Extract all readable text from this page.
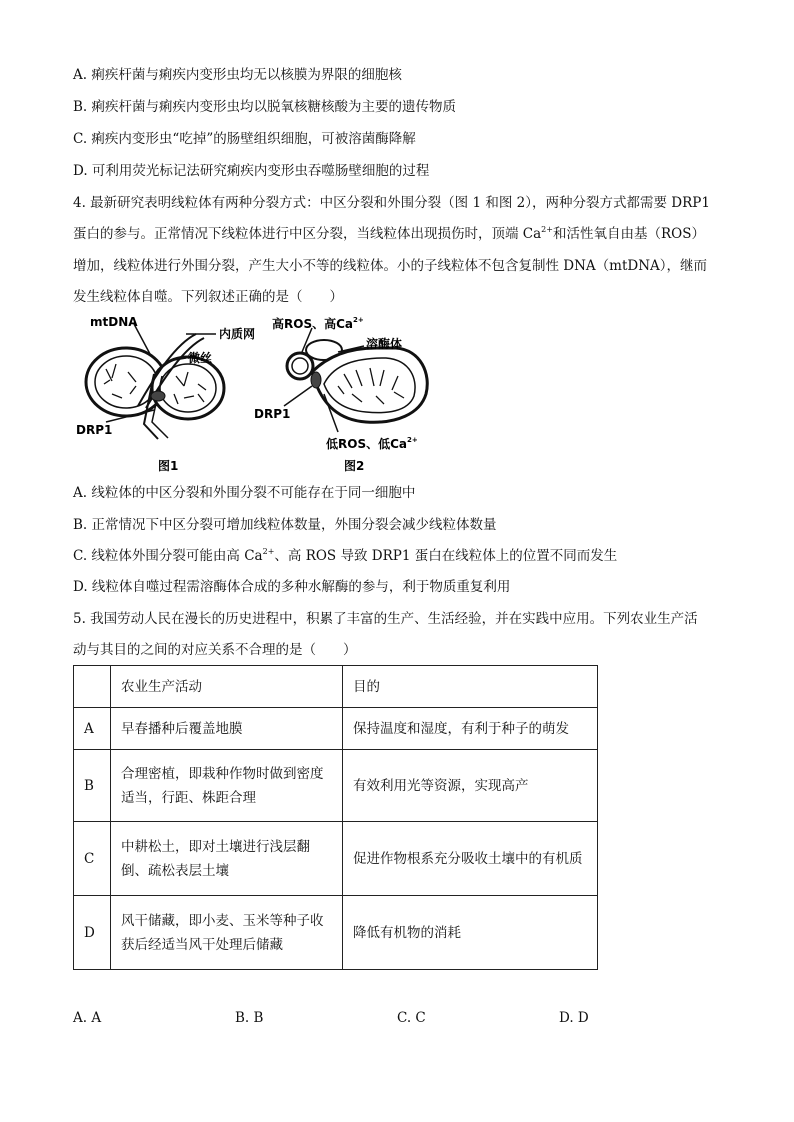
A. 痢疾杆菌与痢疾内变形虫均无以核膜为界限的细胞核
B. 痢疾杆菌与痢疾内变形虫均以脱氧核糖核酸为主要的遗传物质
C. 痢疾内变形虫“吃掉”的肠壁组织细胞，可被溶菌酶降解
D. 可利用荧光标记法研究痢疾内变形虫吞噬肠壁细胞的过程
4. 最新研究表明线粒体有两种分裂方式：中区分裂和外围分裂（图 1 和图 2），两种分裂方式都需要 DRP1
蛋白的参与。正常情况下线粒体进行中区分裂，当线粒体出现损伤时，顶端 $Ca^{2+}$和活性氧自由基（ROS）
增加，线粒体进行外围分裂，产生大小不等的线粒体。小的子线粒体不包含复制性 DNA（mtDNA），继而
发生线粒体自噬。下列叙述正确的是（　　）
mtDNA
内质网
微丝
DRP1
图1
高ROS、高$Ca^{2+}$
溶酶体
DRP1
低ROS、低$Ca^{2+}$
图2
A. 线粒体的中区分裂和外围分裂不可能存在于同一细胞中
B. 正常情况下中区分裂可增加线粒体数量，外围分裂会减少线粒体数量
C. 线粒体外围分裂可能由高 $Ca^{2+}$、高 ROS 导致 DRP1 蛋白在线粒体上的位置不同而发生
D. 线粒体自噬过程需溶酶体合成的多种水解酶的参与，利于物质重复利用
5. 我国劳动人民在漫长的历史进程中，积累了丰富的生产、生活经验，并在实践中应用。下列农业生产活
动与其目的之间的对应关系不合理的是（　　）
	农业生产活动	目的
A	早春播种后覆盖地膜	保持温度和湿度，有利于种子的萌发
B	合理密植，即栽种作物时做到密度适当，行距、株距合理	有效利用光等资源，实现高产
C	中耕松土，即对土壤进行浅层翻倒、疏松表层土壤	促进作物根系充分吸收土壤中的有机质
D	风干储藏，即小麦、玉米等种子收获后经适当风干处理后储藏	降低有机物的消耗
A. A	B. B	C. C	D. D
